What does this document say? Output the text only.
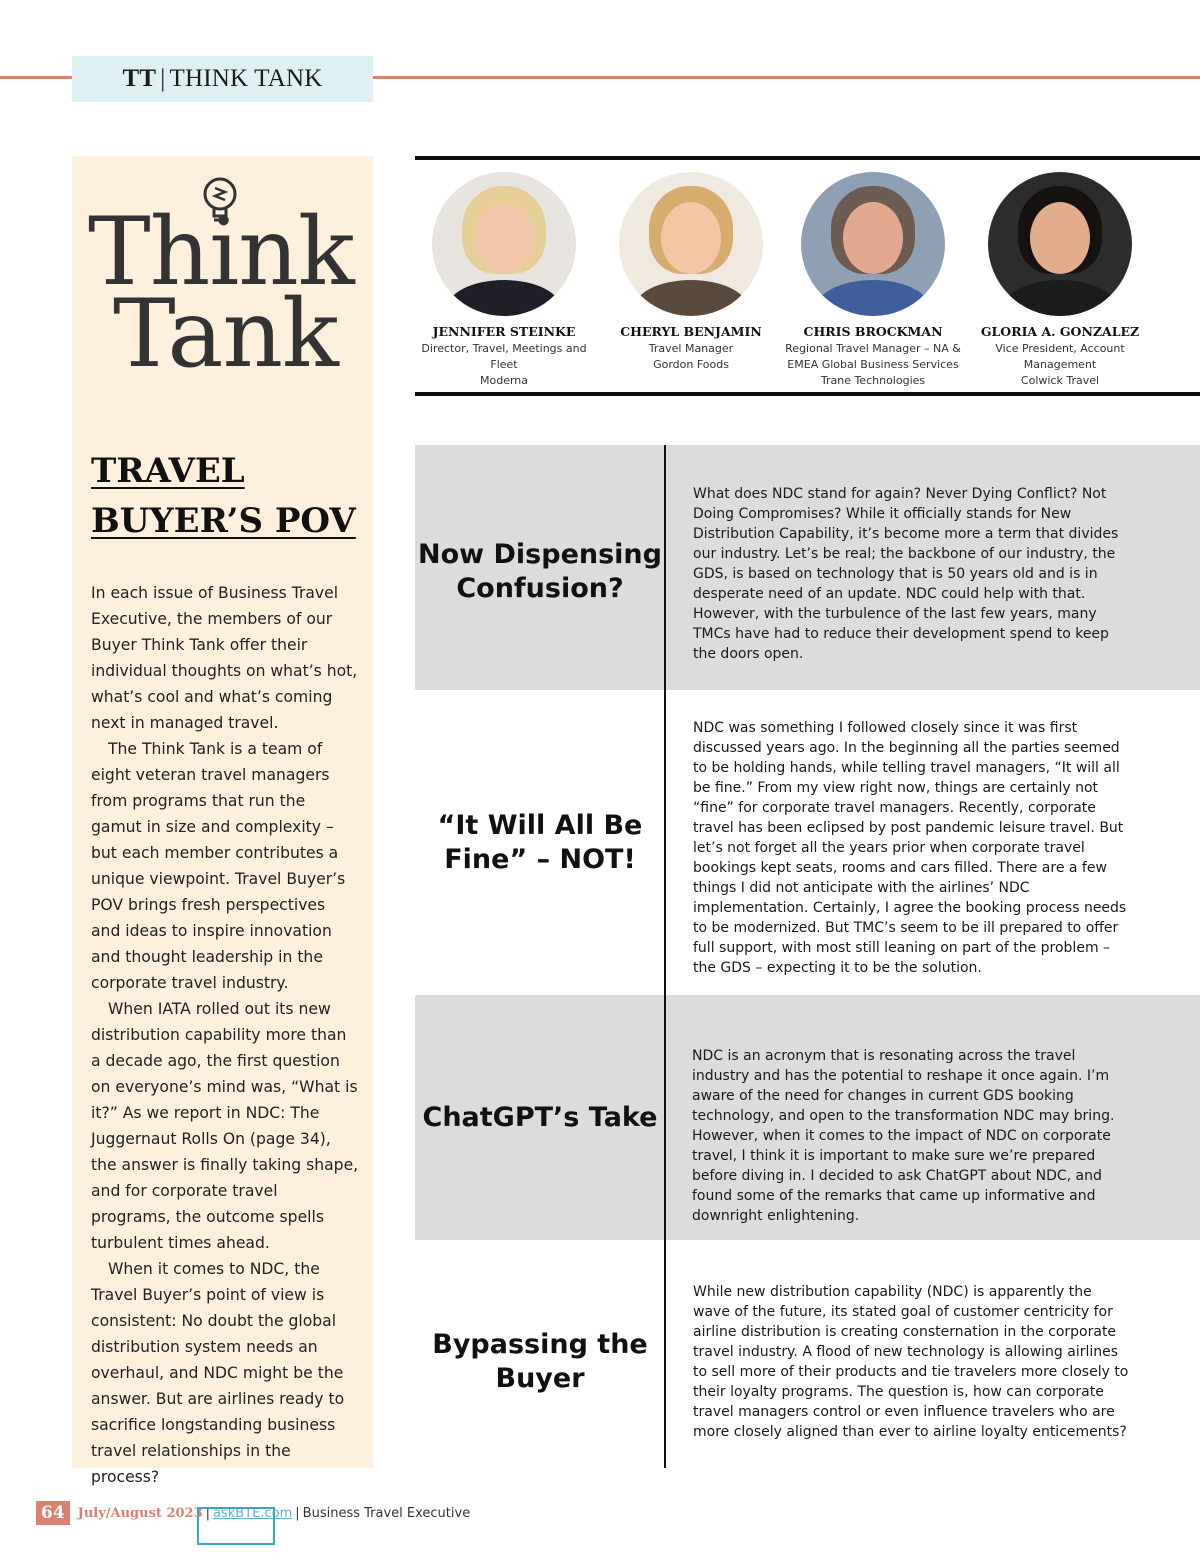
TT | THINK TANK
Think
Tank
TRAVEL
BUYER’S POV

In each issue of Business Travel Executive, the members of our Buyer Think Tank offer their individual thoughts on what’s hot, what’s cool and what’s coming next in managed travel.

The Think Tank is a team of eight veteran travel managers from programs that run the gamut in size and complexity – but each member contributes a unique viewpoint. Travel Buyer’s POV brings fresh perspectives and ideas to inspire innovation and thought leadership in the corporate travel industry.

When IATA rolled out its new distribution capability more than a decade ago, the first question on everyone’s mind was, “What is it?” As we report in NDC: The Juggernaut Rolls On (page 34), the answer is finally taking shape, and for corporate travel programs, the outcome spells turbulent times ahead.

When it comes to NDC, the Travel Buyer’s point of view is consistent: No doubt the global distribution system needs an overhaul, and NDC might be the answer. But are airlines ready to sacrifice longstanding business travel relationships in the process?

JENNIFER STEINKE
Director, Travel, Meetings and Fleet
Moderna
CHERYL BENJAMIN
Travel Manager
Gordon Foods
CHRIS BROCKMAN
Regional Travel Manager – NA & EMEA Global Business Services
Trane Technologies
GLORIA A. GONZALEZ
Vice President, Account Management
Colwick Travel
Now Dispensing Confusion?
What does NDC stand for again? Never Dying Conflict? Not Doing Compromises? While it officially stands for New Distribution Capability, it’s become more a term that divides our industry. Let’s be real; the backbone of our industry, the GDS, is based on technology that is 50 years old and is in desperate need of an update. NDC could help with that. However, with the turbulence of the last few years, many TMCs have had to reduce their development spend to keep the doors open.
“It Will All Be Fine” – NOT!
NDC was something I followed closely since it was first discussed years ago. In the beginning all the parties seemed to be holding hands, while telling travel managers, “It will all be fine.” From my view right now, things are certainly not “fine” for corporate travel managers. Recently, corporate travel has been eclipsed by post pandemic leisure travel. But let’s not forget all the years prior when corporate travel bookings kept seats, rooms and cars filled. There are a few things I did not anticipate with the airlines’ NDC implementation. Certainly, I agree the booking process needs to be modernized. But TMC’s seem to be ill prepared to offer full support, with most still leaning on part of the problem – the GDS – expecting it to be the solution.
ChatGPT’s Take
NDC is an acronym that is resonating across the travel industry and has the potential to reshape it once again. I’m aware of the need for changes in current GDS booking technology, and open to the transformation NDC may bring. However, when it comes to the impact of NDC on corporate travel, I think it is important to make sure we’re prepared before diving in. I decided to ask ChatGPT about NDC, and found some of the remarks that came up informative and downright enlightening.
Bypassing the Buyer
While new distribution capability (NDC) is apparently the wave of the future, its stated goal of customer centricity for airline distribution is creating consternation in the corporate travel industry. A flood of new technology is allowing airlines to sell more of their products and tie travelers more closely to their loyalty programs. The question is, how can corporate travel managers control or even influence travelers who are more closely aligned than ever to airline loyalty enticements?
64	July/August 2023 | askBTE.com | Business Travel Executive
